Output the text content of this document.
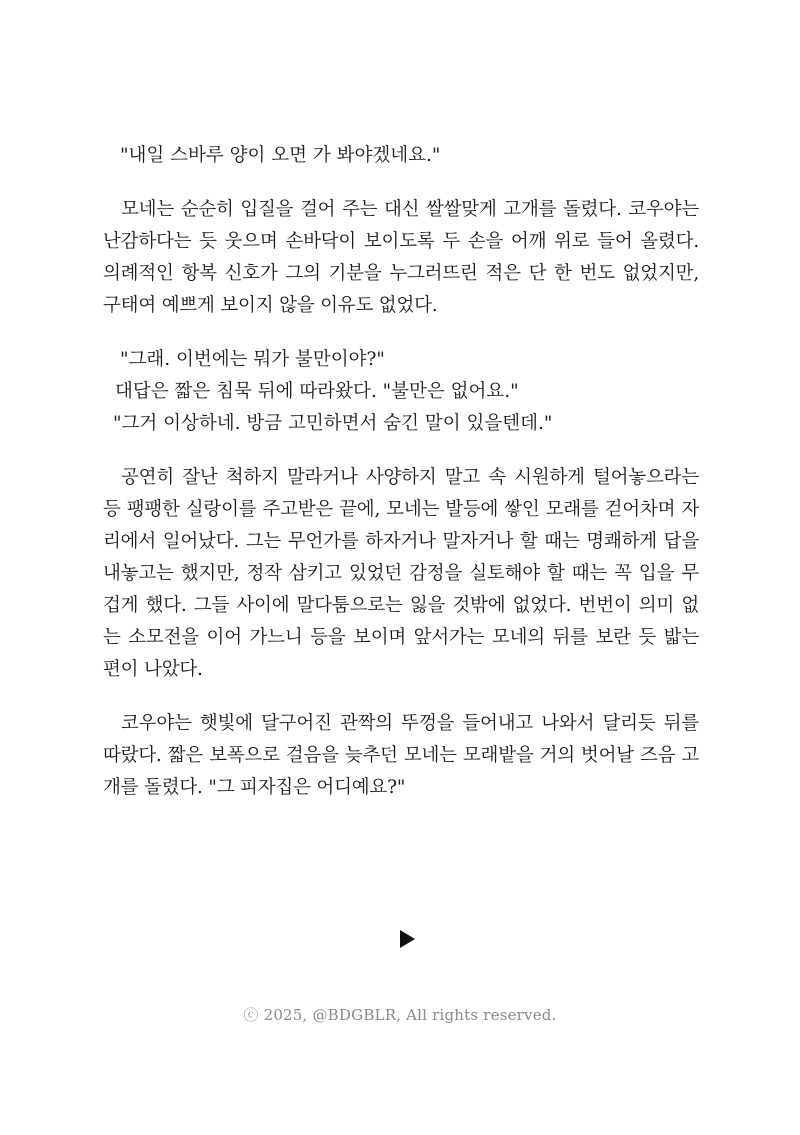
"내일 스바루 양이 오면 가 봐야겠네요."

모네는 순순히 입질을 걸어 주는 대신 쌀쌀맞게 고개를 돌렸다. 코우야는 난감하다는 듯 웃으며 손바닥이 보이도록 두 손을 어깨 위로 들어 올렸다. 의례적인 항복 신호가 그의 기분을 누그러뜨린 적은 단 한 번도 없었지만, 구태여 예쁘게 보이지 않을 이유도 없었다.

"그래. 이번에는 뭐가 불만이야?"

대답은 짧은 침묵 뒤에 따라왔다. "불만은 없어요."

"그거 이상하네. 방금 고민하면서 숨긴 말이 있을텐데."

공연히 잘난 척하지 말라거나 사양하지 말고 속 시원하게 털어놓으라는 등 팽팽한 실랑이를 주고받은 끝에, 모네는 발등에 쌓인 모래를 걷어차며 자리에서 일어났다. 그는 무언가를 하자거나 말자거나 할 때는 명쾌하게 답을 내놓고는 했지만, 정작 삼키고 있었던 감정을 실토해야 할 때는 꼭 입을 무겁게 했다. 그들 사이에 말다툼으로는 잃을 것밖에 없었다. 번번이 의미 없는 소모전을 이어 가느니 등을 보이며 앞서가는 모네의 뒤를 보란 듯 밟는 편이 나았다.

코우야는 햇빛에 달구어진 관짝의 뚜껑을 들어내고 나와서 달리듯 뒤를 따랐다. 짧은 보폭으로 걸음을 늦추던 모네는 모래밭을 거의 벗어날 즈음 고개를 돌렸다. "그 피자집은 어디예요?"

ⓒ 2025, @BDGBLR, All rights reserved.
